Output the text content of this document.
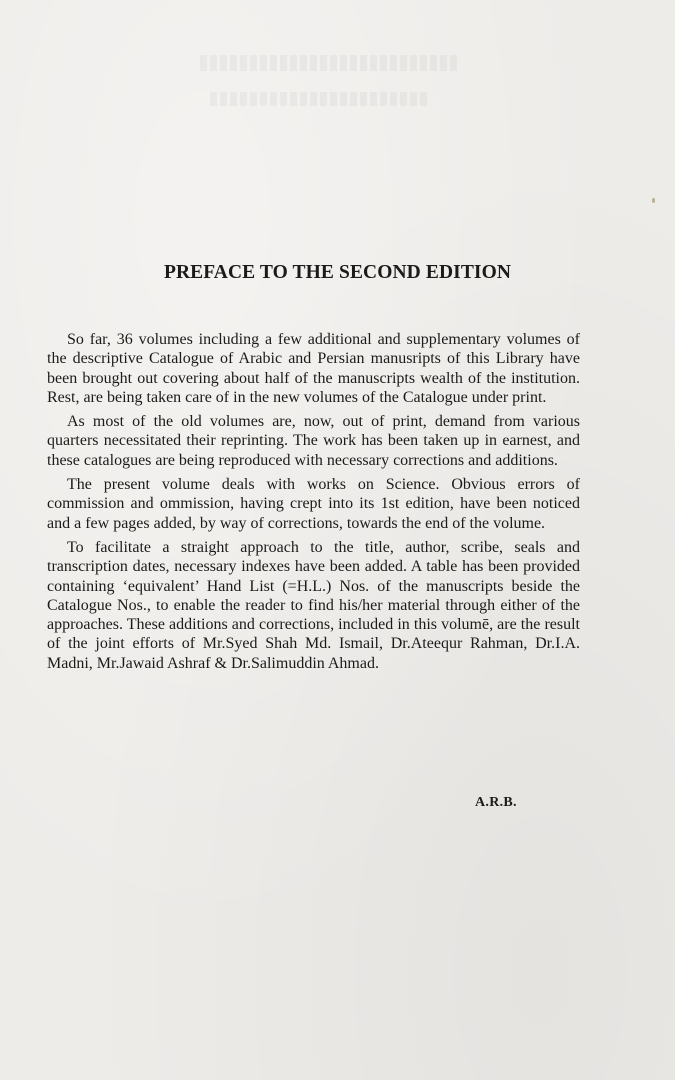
PREFACE TO THE SECOND EDITION

So far, 36 volumes including a few additional and supplementary volumes of the descriptive Catalogue of Arabic and Persian manusripts of this Library have been brought out covering about half of the manuscripts wealth of the institution. Rest, are being taken care of in the new volumes of the Catalogue under print.

As most of the old volumes are, now, out of print, demand from various quarters necessitated their reprinting. The work has been taken up in earnest, and these catalogues are being reproduced with necessary corrections and additions.

The present volume deals with works on Science. Obvious errors of commission and ommission, having crept into its 1st edition, have been noticed and a few pages added, by way of corrections, towards the end of the volume.

To facilitate a straight approach to the title, author, scribe, seals and transcription dates, necessary indexes have been added. A table has been provided containing ‘equivalent’ Hand List (=H.L.) Nos. of the manuscripts beside the Catalogue Nos., to enable the reader to find his/her material through either of the approaches. These additions and corrections, included in this volumē, are the result of the joint efforts of Mr.Syed Shah Md. Ismail, Dr.Ateequr Rahman, Dr.I.A. Madni, Mr.Jawaid Ashraf & Dr.Salimuddin Ahmad.

A.R.B.
